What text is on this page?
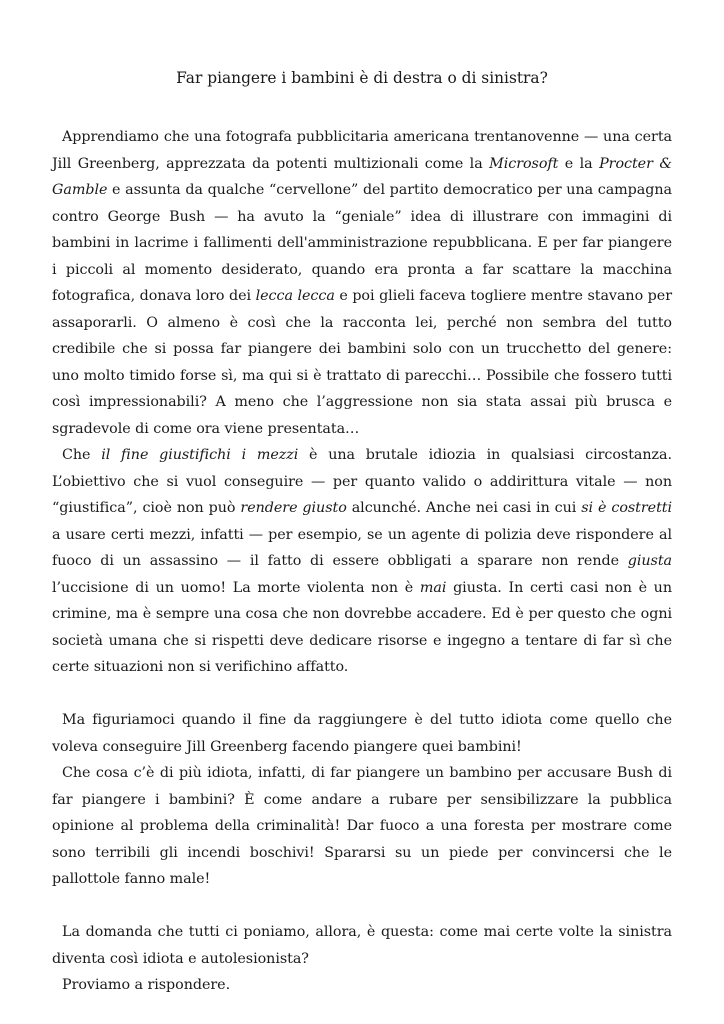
Far piangere i bambini è di destra o di sinistra?

Apprendiamo che una fotografa pubblicitaria americana trentanovenne — una certa Jill Greenberg, apprezzata da potenti multizionali come la Microsoft e la Procter & Gamble e assunta da qualche “cervellone” del partito democratico per una campagna contro George Bush — ha avuto la “geniale” idea di illustrare con immagini di bambini in lacrime i fallimenti dell'amministrazione repubblicana. E per far piangere i piccoli al momento desiderato, quando era pronta a far scattare la macchina fotografica, donava loro dei lecca lecca e poi glieli faceva togliere mentre stavano per assaporarli. O almeno è così che la racconta lei, perché non sembra del tutto credibile che si possa far piangere dei bambini solo con un trucchetto del genere: uno molto timido forse sì, ma qui si è trattato di parecchi… Possibile che fossero tutti così impressionabili? A meno che l’aggressione non sia stata assai più brusca e sgradevole di come ora viene presentata…

Che il fine giustifichi i mezzi è una brutale idiozia in qualsiasi circostanza. L’obiettivo che si vuol conseguire — per quanto valido o addirittura vitale — non “giustifica”, cioè non può rendere giusto alcunché. Anche nei casi in cui si è costretti a usare certi mezzi, infatti — per esempio, se un agente di polizia deve rispondere al fuoco di un assassino — il fatto di essere obbligati a sparare non rende giusta l’uccisione di un uomo! La morte violenta non è mai giusta. In certi casi non è un crimine, ma è sempre una cosa che non dovrebbe accadere. Ed è per questo che ogni società umana che si rispetti deve dedicare risorse e ingegno a tentare di far sì che certe situazioni non si verifichino affatto.

Ma figuriamoci quando il fine da raggiungere è del tutto idiota come quello che voleva conseguire Jill Greenberg facendo piangere quei bambini!

Che cosa c’è di più idiota, infatti, di far piangere un bambino per accusare Bush di far piangere i bambini? È come andare a rubare per sensibilizzare la pubblica opinione al problema della criminalità! Dar fuoco a una foresta per mostrare come sono terribili gli incendi boschivi! Spararsi su un piede per convincersi che le pallottole fanno male!

La domanda che tutti ci poniamo, allora, è questa: come mai certe volte la sinistra diventa così idiota e autolesionista?

Proviamo a rispondere.
